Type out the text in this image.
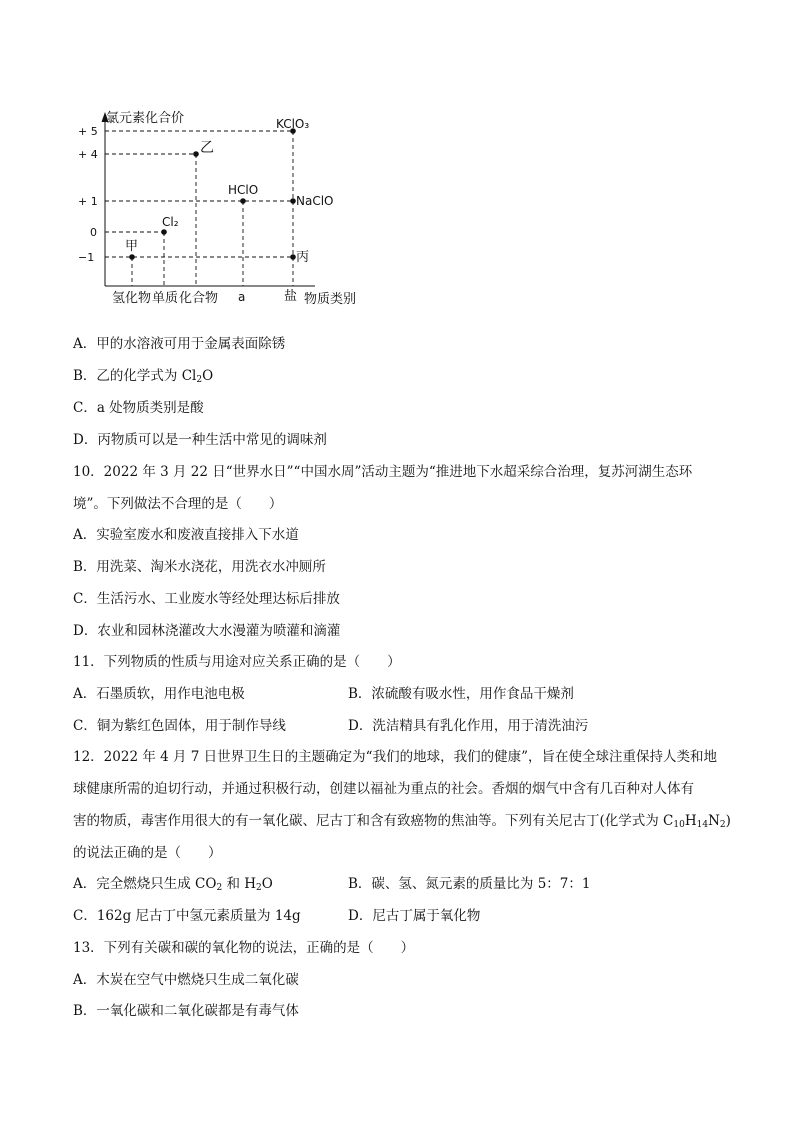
氯元素化合价
+ 5
+ 4
+ 1
0
−1
甲
Cl₂
乙
HClO
KClO₃
NaClO
丙
氢化物 单质 化合物 a	盐 物质类别
A．甲的水溶液可用于金属表面除锈
B．乙的化学式为 $Cl_2O$
C．a 处物质类别是酸
D．丙物质可以是一种生活中常见的调味剂
10．2022 年 3 月 22 日“世界水日”“中国水周”活动主题为“推进地下水超采综合治理，复苏河湖生态环
境”。下列做法不合理的是（　　）
A．实验室废水和废液直接排入下水道
B．用洗菜、淘米水浇花，用洗衣水冲厕所
C．生活污水、工业废水等经处理达标后排放
D．农业和园林浇灌改大水漫灌为喷灌和滴灌
11．下列物质的性质与用途对应关系正确的是（　　）
A．石墨质软，用作电池电极	B．浓硫酸有吸水性，用作食品干燥剂
C．铜为紫红色固体，用于制作导线	D．洗洁精具有乳化作用，用于清洗油污
12．2022 年 4 月 7 日世界卫生日的主题确定为“我们的地球，我们的健康”，旨在使全球注重保持人类和地
球健康所需的迫切行动，并通过积极行动，创建以福祉为重点的社会。香烟的烟气中含有几百种对人体有
害的物质，毒害作用很大的有一氧化碳、尼古丁和含有致癌物的焦油等。下列有关尼古丁(化学式为 $C_{10}H_{14}N_2$)
的说法正确的是（　　）
A．完全燃烧只生成 $CO_2$ 和 $H_2O$	B．碳、氢、氮元素的质量比为 5：7：1
C．162g 尼古丁中氢元素质量为 14g	D．尼古丁属于氧化物
13．下列有关碳和碳的氧化物的说法，正确的是（　　）
A．木炭在空气中燃烧只生成二氧化碳
B．一氧化碳和二氧化碳都是有毒气体
